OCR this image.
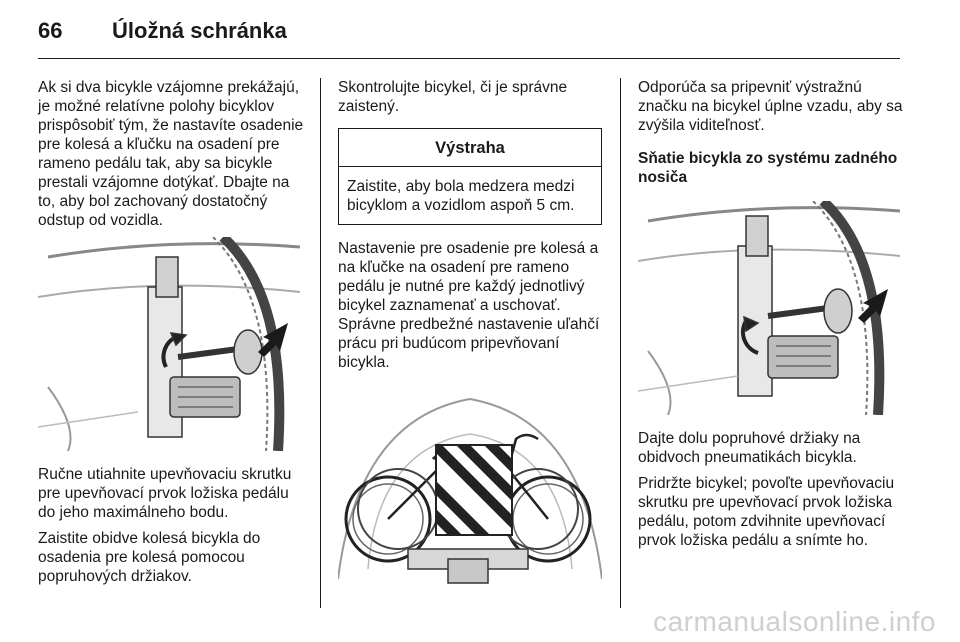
66 Úložná schránka

Ak si dva bicykle vzájomne prekážajú, je možné relatívne polohy bicyklov prispôsobiť tým, že nastavíte osadenie pre kolesá a kľučku na osadení pre rameno pedálu tak, aby sa bicykle prestali vzájomne dotýkať. Dbajte na to, aby bol zachovaný dostatočný odstup od vozidla.

Ručne utiahnite upevňovaciu skrutku pre upevňovací prvok ložiska pedálu do jeho maximálneho bodu.

Zaistite obidve kolesá bicykla do osadenia pre kolesá pomocou popruhových držiakov.

Skontrolujte bicykel, či je správne zaistený.

Výstraha
Zaistite, aby bola medzera medzi bicyklom a vozidlom aspoň 5 cm.

Nastavenie pre osadenie pre kolesá a na kľučke na osadení pre rameno pedálu je nutné pre každý jednotlivý bicykel zaznamenať a uschovať. Správne predbežné nastavenie uľahčí prácu pri budúcom pripevňovaní bicykla.

Odporúča sa pripevniť výstražnú značku na bicykel úplne vzadu, aby sa zvýšila viditeľnosť.

Sňatie bicykla zo systému zadného nosiča

Dajte dolu popruhové držiaky na obidvoch pneumatikách bicykla.

Pridržte bicykel; povoľte upevňovaciu skrutku pre upevňovací prvok ložiska pedálu, potom zdvihnite upevňovací prvok ložiska pedálu a snímte ho.

carmanualsonline.info
